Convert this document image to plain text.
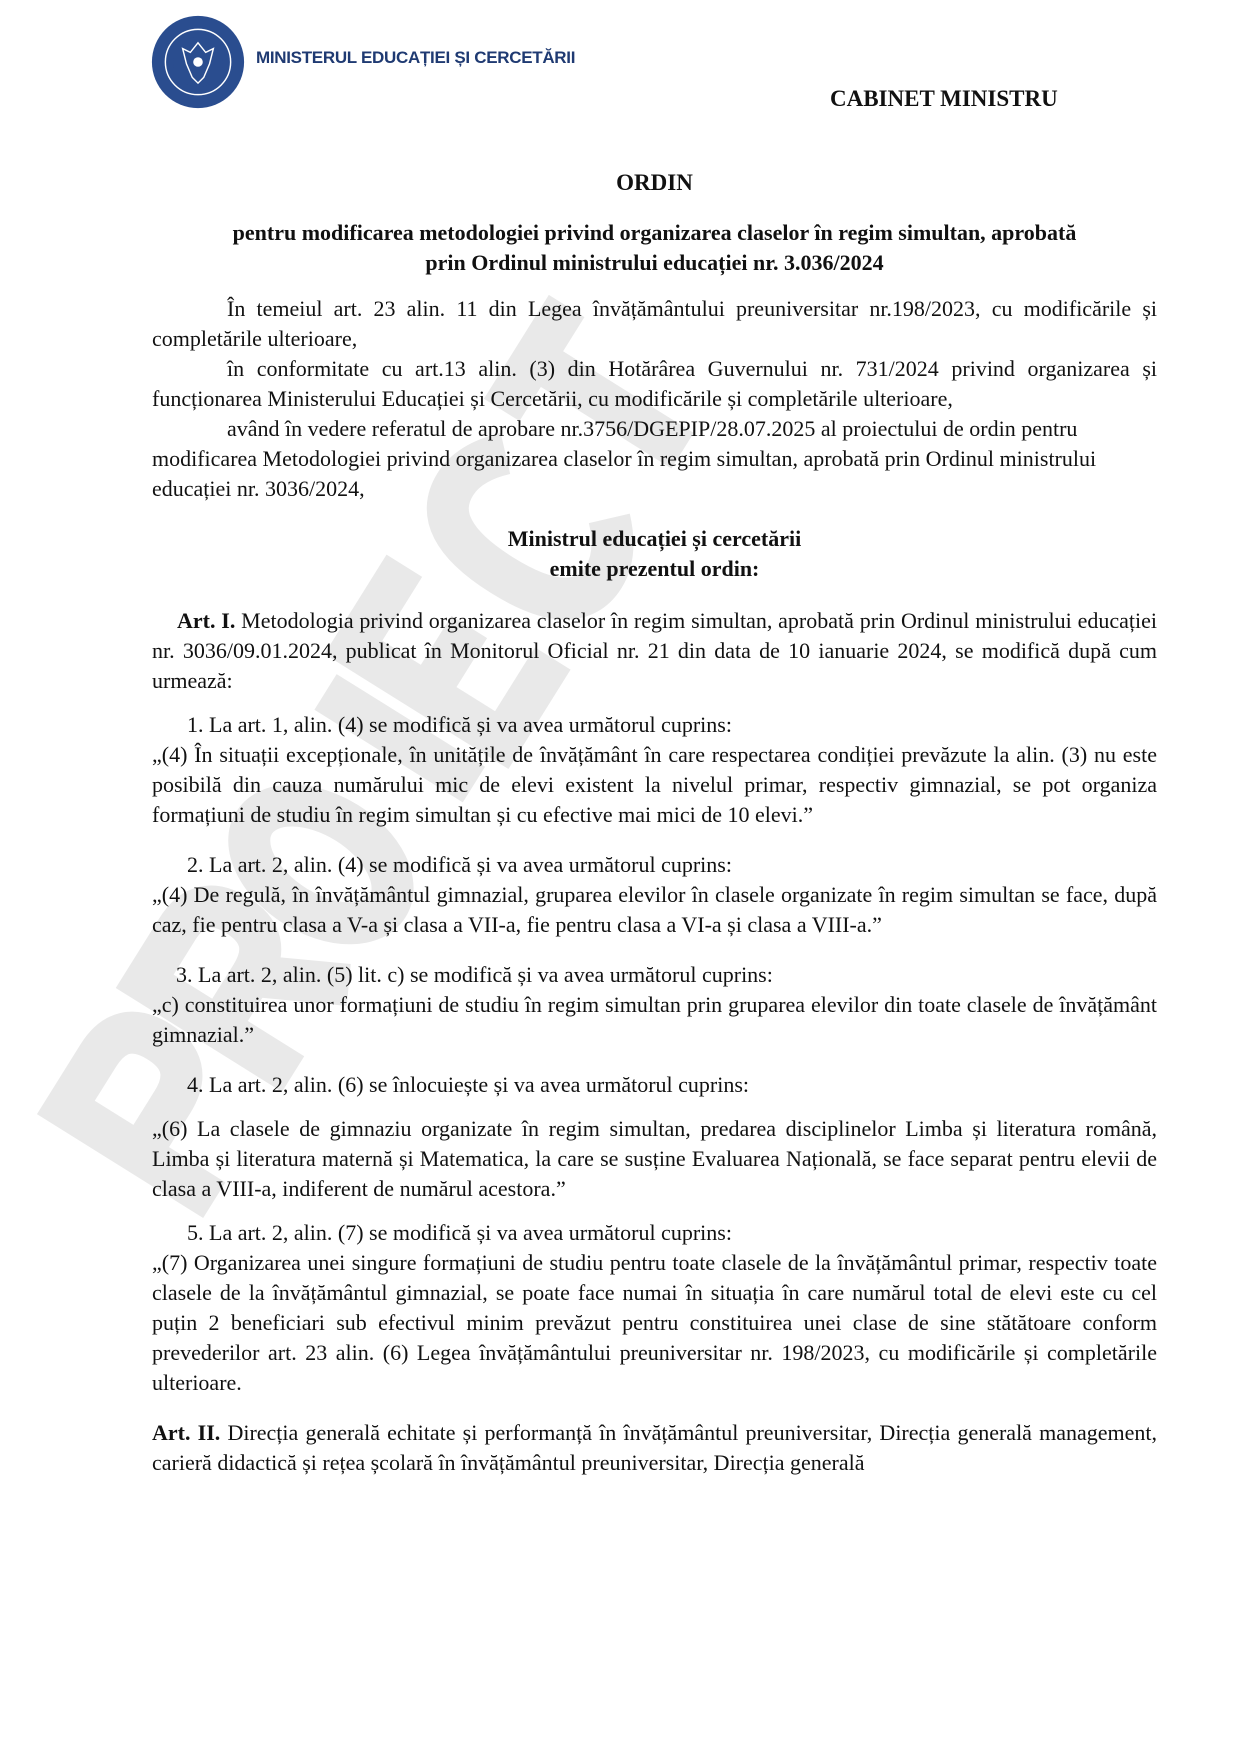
MINISTERUL EDUCAȚIEI ȘI CERCETĂRII
CABINET MINISTRU
ORDIN
pentru modificarea metodologiei privind organizarea claselor în regim simultan, aprobată
prin Ordinul ministrului educației nr. 3.036/2024
În temeiul art. 23 alin. 11 din Legea învățământului preuniversitar nr.198/2023, cu modificările și completările ulterioare,
în conformitate cu art.13 alin. (3) din Hotărârea Guvernului nr. 731/2024 privind organizarea și funcționarea Ministerului Educației și Cercetării, cu modificările și completările ulterioare,
având în vedere referatul de aprobare nr.3756/DGEPIP/28.07.2025 al proiectului de ordin pentru modificarea Metodologiei privind organizarea claselor în regim simultan, aprobată prin Ordinul ministrului educației nr. 3036/2024,
Ministrul educației și cercetării
emite prezentul ordin:
Art. I. Metodologia privind organizarea claselor în regim simultan, aprobată prin Ordinul ministrului educației nr. 3036/09.01.2024, publicat în Monitorul Oficial nr. 21 din data de 10 ianuarie 2024, se modifică după cum urmează:
1. La art. 1, alin. (4) se modifică și va avea următorul cuprins:
„(4) În situații excepționale, în unitățile de învățământ în care respectarea condiției prevăzute la alin. (3) nu este posibilă din cauza numărului mic de elevi existent la nivelul primar, respectiv gimnazial, se pot organiza formațiuni de studiu în regim simultan și cu efective mai mici de 10 elevi.”
2. La art. 2, alin. (4) se modifică și va avea următorul cuprins:
„(4) De regulă, în învățământul gimnazial, gruparea elevilor în clasele organizate în regim simultan se face, după caz, fie pentru clasa a V-a și clasa a VII-a, fie pentru clasa a VI-a și clasa a VIII-a.”
3. La art. 2, alin. (5) lit. c) se modifică și va avea următorul cuprins:
„c) constituirea unor formațiuni de studiu în regim simultan prin gruparea elevilor din toate clasele de învățământ gimnazial.”
4. La art. 2, alin. (6) se înlocuiește și va avea următorul cuprins:
„(6) La clasele de gimnaziu organizate în regim simultan, predarea disciplinelor Limba și literatura română, Limba și literatura maternă și Matematica, la care se susține Evaluarea Națională, se face separat pentru elevii de clasa a VIII-a, indiferent de numărul acestora.”
5. La art. 2, alin. (7) se modifică și va avea următorul cuprins:
„(7) Organizarea unei singure formațiuni de studiu pentru toate clasele de la învățământul primar, respectiv toate clasele de la învățământul gimnazial, se poate face numai în situația în care numărul total de elevi este cu cel puțin 2 beneficiari sub efectivul minim prevăzut pentru constituirea unei clase de sine stătătoare conform prevederilor art. 23 alin. (6) Legea învățământului preuniversitar nr. 198/2023, cu modificările și completările ulterioare.
Art. II. Direcția generală echitate și performanță în învățământul preuniversitar, Direcția generală management, carieră didactică și rețea școlară în învățământul preuniversitar, Direcția generală
